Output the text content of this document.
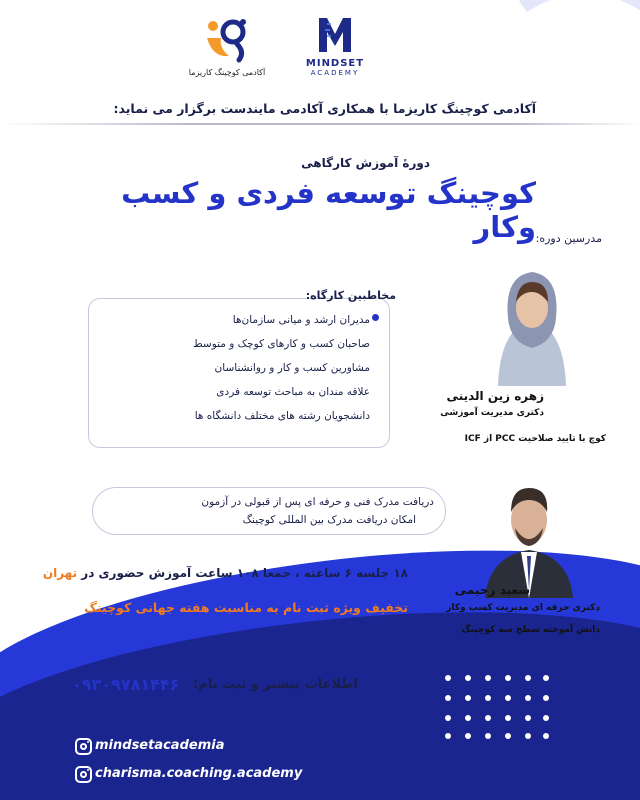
آکادمی کوچینگ کاریزما
MINDSET
ACADEMY
آکادمی کوچینگ کاریزما با همکاری آکادمی مایندست برگزار می نماید:
دورهٔ آموزش کارگاهی
کوچینگ توسعه فردی و کسب وکار مدرسین دوره:
مخاطبین کارگاه:
مدیران ارشد و میانی سازمان‌ها
صاحبان کسب و کارهای کوچک و متوسط
مشاورین کسب و کار و روانشناسان
علاقه مندان به مباحث توسعه فردی
دانشجویان رشته های مختلف دانشگاه ها
زهره زین الدینی
دکتری مدیریت آموزشی
کوچ با تایید صلاحیت PCC از ICF
دریافت مدرک فنی و حرفه ای پس از قبولی در آزمون
امکان دریافت مدرک بین المللی کوچینگ
۱۸ جلسه ۶ ساعته ، جمعا ۱۰۸ ساعت آموزش حضوری در تهران
تخفیف ویژه ثبت نام به مناسبت هفته جهانی کوچینگ
سعید رحیمی
دکتری حرفه ای مدیریت کسب وکار
دانش آموخته سطح سه کوچینگ
اطلاعات بیشتر و ثبت نام:
۰۹۳۰۹۷۸۱۴۴۶
mindsetacademia
charisma.coaching.academy
